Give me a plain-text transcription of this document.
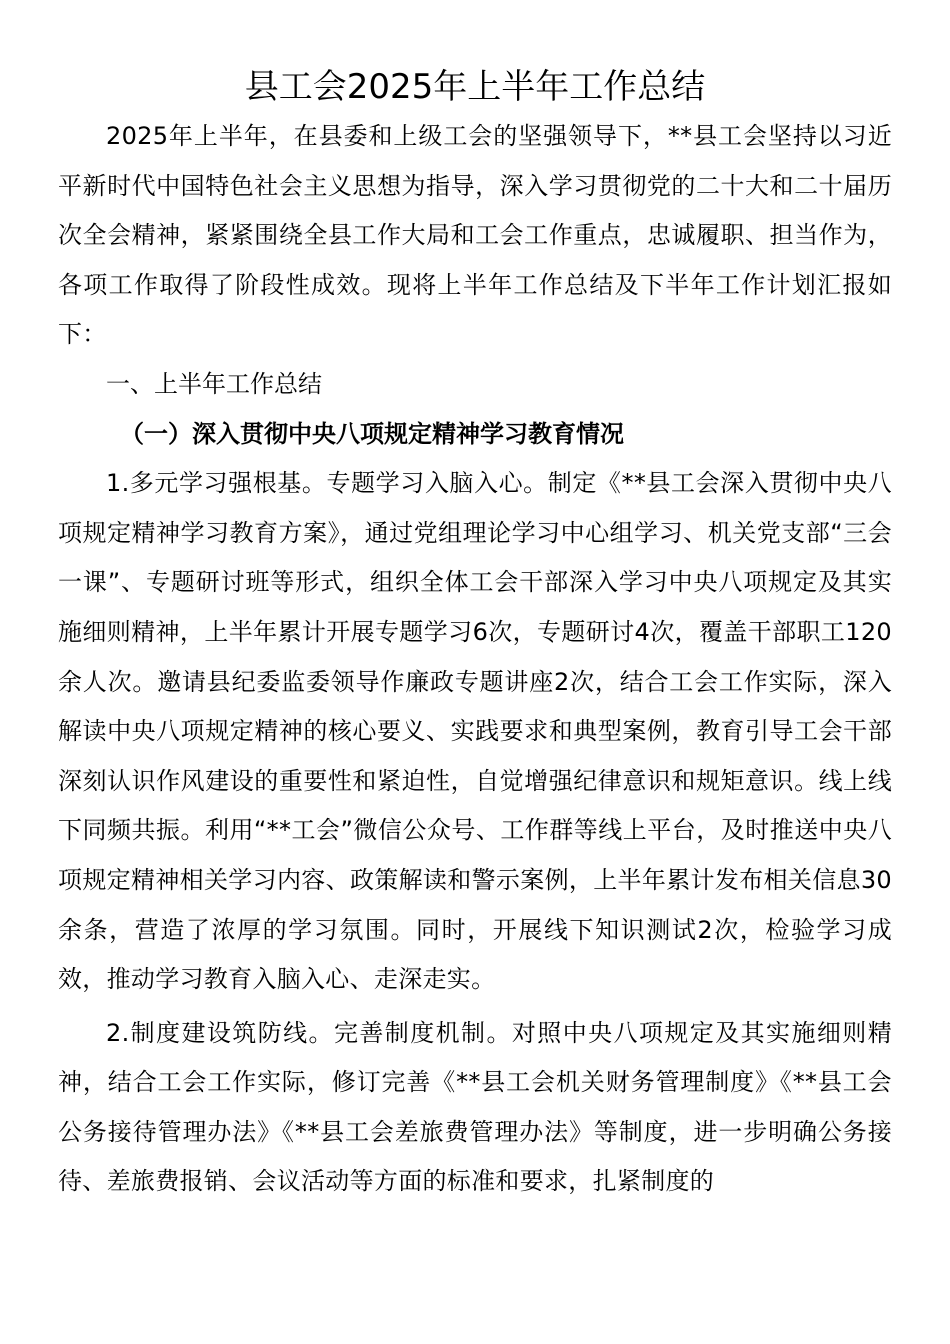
县工会2025年上半年工作总结

2025年上半年，在县委和上级工会的坚强领导下，**县工会坚持以习近平新时代中国特色社会主义思想为指导，深入学习贯彻党的二十大和二十届历次全会精神，紧紧围绕全县工作大局和工会工作重点，忠诚履职、担当作为，各项工作取得了阶段性成效。现将上半年工作总结及下半年工作计划汇报如下：

一、上半年工作总结

（一）深入贯彻中央八项规定精神学习教育情况

1.多元学习强根基。专题学习入脑入心。制定《**县工会深入贯彻中央八项规定精神学习教育方案》，通过党组理论学习中心组学习、机关党支部“三会一课”、专题研讨班等形式，组织全体工会干部深入学习中央八项规定及其实施细则精神，上半年累计开展专题学习6次，专题研讨4次，覆盖干部职工120余人次。邀请县纪委监委领导作廉政专题讲座2次，结合工会工作实际，深入解读中央八项规定精神的核心要义、实践要求和典型案例，教育引导工会干部深刻认识作风建设的重要性和紧迫性，自觉增强纪律意识和规矩意识。线上线下同频共振。利用“**工会”微信公众号、工作群等线上平台，及时推送中央八项规定精神相关学习内容、政策解读和警示案例，上半年累计发布相关信息30余条，营造了浓厚的学习氛围。同时，开展线下知识测试2次，检验学习成效，推动学习教育入脑入心、走深走实。

2.制度建设筑防线。完善制度机制。对照中央八项规定及其实施细则精神，结合工会工作实际，修订完善《**县工会机关财务管理制度》《**县工会公务接待管理办法》《**县工会差旅费管理办法》等制度，进一步明确公务接待、差旅费报销、会议活动等方面的标准和要求，扎紧制度的
